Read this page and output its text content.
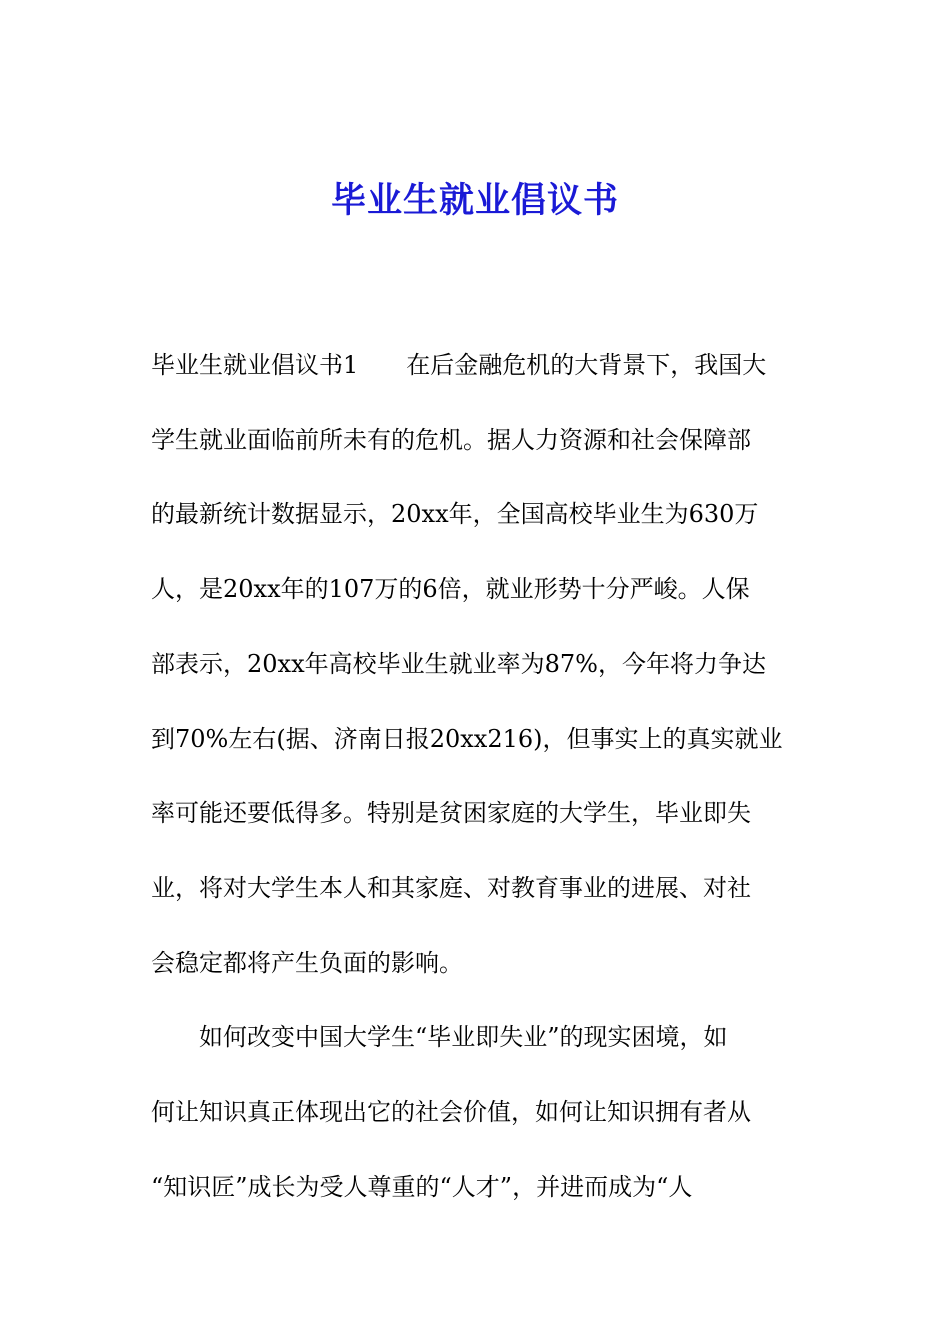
毕业生就业倡议书
毕业生就业倡议书1　　在后金融危机的大背景下，我国大
学生就业面临前所未有的危机。据人力资源和社会保障部
的最新统计数据显示，20xx年，全国高校毕业生为630万
人，是20xx年的107万的6倍，就业形势十分严峻。人保
部表示，20xx年高校毕业生就业率为87%，今年将力争达
到70%左右(据、济南日报20xx216)，但事实上的真实就业
率可能还要低得多。特别是贫困家庭的大学生，毕业即失
业，将对大学生本人和其家庭、对教育事业的进展、对社
会稳定都将产生负面的影响。
　　如何改变中国大学生“毕业即失业”的现实困境，如
何让知识真正体现出它的社会价值，如何让知识拥有者从
“知识匠”成长为受人尊重的“人才”，并进而成为“人
